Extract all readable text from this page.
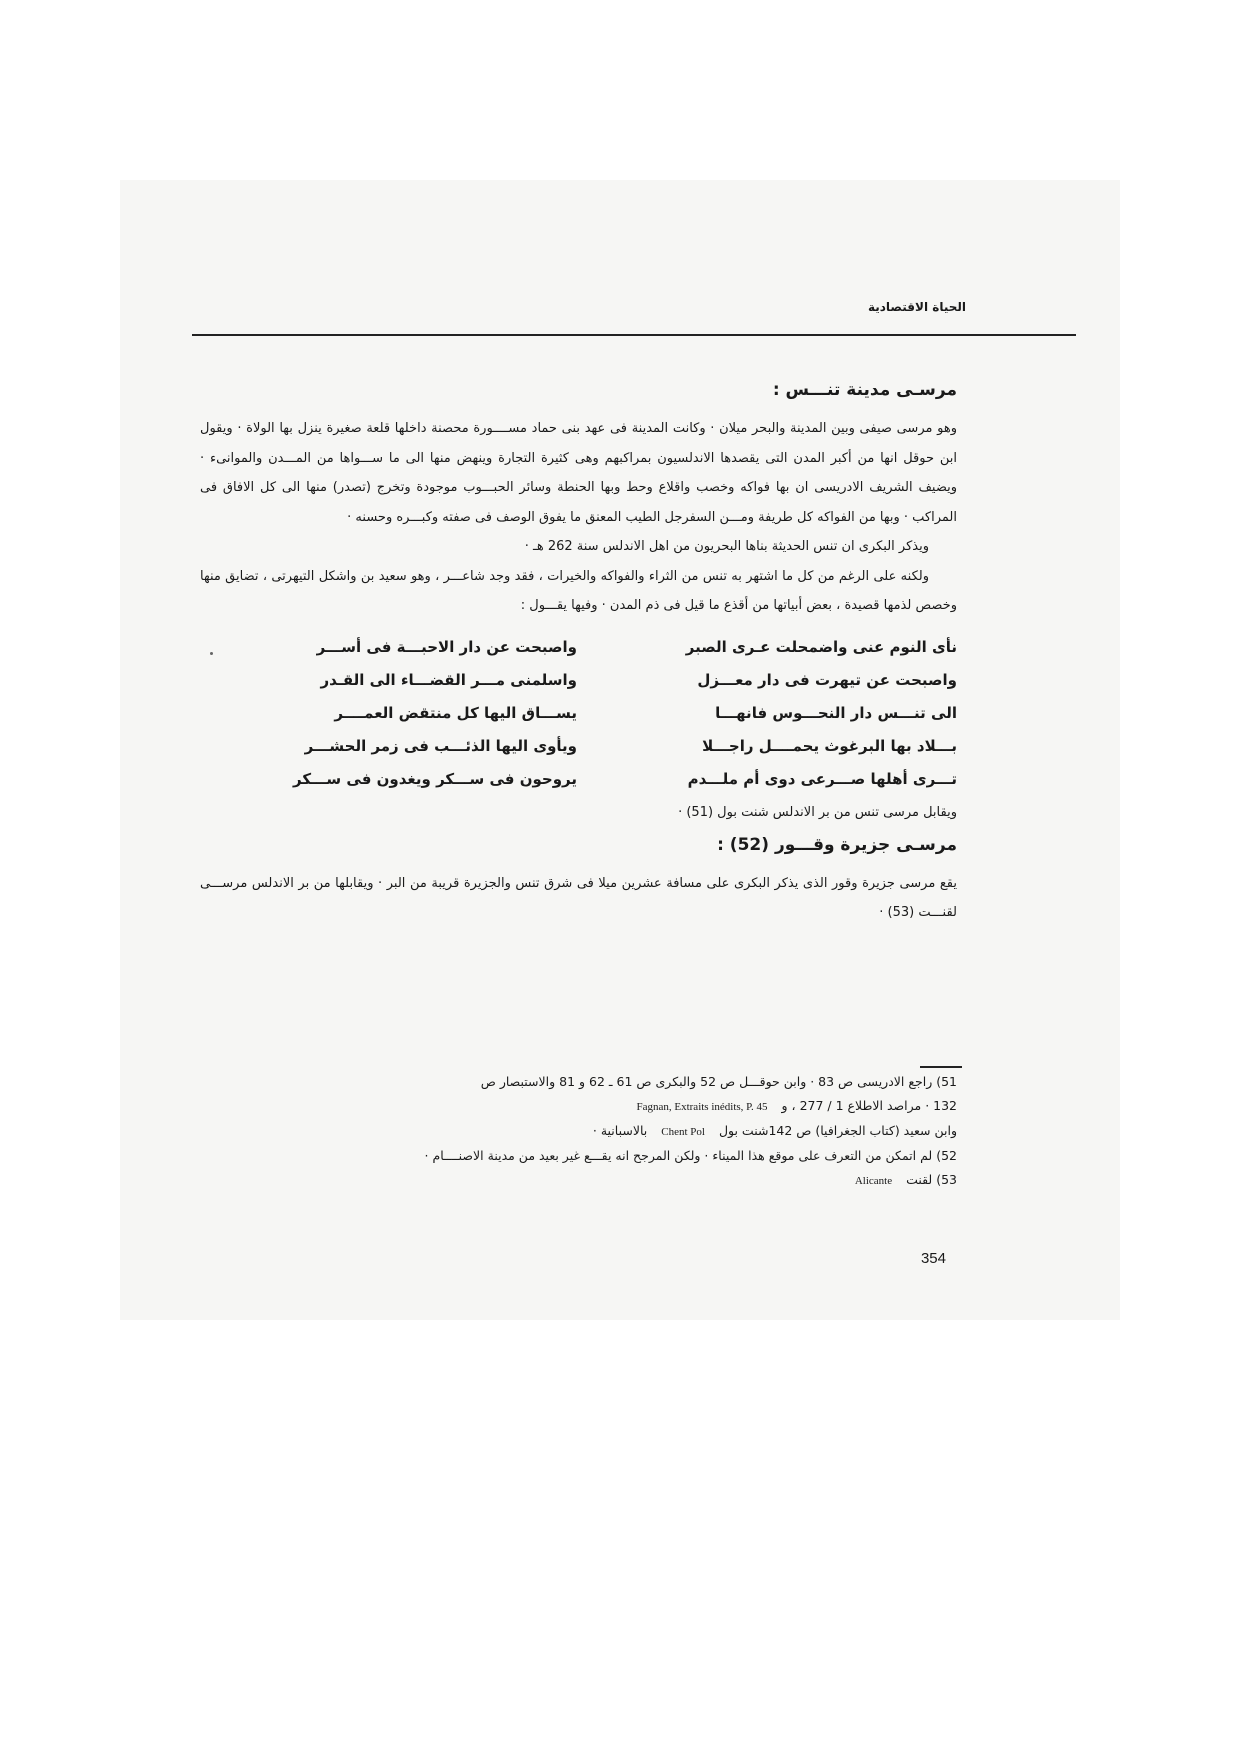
الحياة الاقتصادية
مرسـى مدينة تنـــس :

وهو مرسى صيفى وبين المدينة والبحر ميلان · وكانت المدينة فى عهد بنى حماد مســــورة محصنة داخلها قلعة صغيرة ينزل بها الولاة · ويقول ابن حوقل انها من أكبر المدن التى يقصدها الاندلسيون بمراكبهم وهى كثيرة التجارة وينهض منها الى ما ســـواها من المـــدن والموانىء · ويضيف الشريف الادريسى ان بها فواكه وخصب واقلاع وحط وبها الحنطة وسائر الحبـــوب موجودة وتخرج (تصدر) منها الى كل الافاق فى المراكب · وبها من الفواكه كل طريفة ومـــن السفرجل الطيب المعنق ما يفوق الوصف فى صفته وكبـــره وحسنه ·

ويذكر البكرى ان تنس الحديثة بناها البحريون من اهل الاندلس سنة 262 هـ ·

ولكنه على الرغم من كل ما اشتهر به تنس من الثراء والفواكه والخيرات ، فقد وجد شاعـــر ، وهو سعيد بن واشكل التيهرتى ، تضايق منها وخصص لذمها قصيدة ، بعض أبياتها من أقذع ما قيل فى ذم المدن · وفيها يقـــول :

نأى النوم عنى واضمحلت عـرى الصبر
واصبحت عن دار الاحبـــة فى أســـر
واصبحت عن تيهرت فى دار معـــزل
واسلمنى مـــر القضـــاء الى القـدر
الى تنـــس دار النحـــوس فانهـــا
يســـاق اليها كل منتقض العمــــر
بـــلاد بها البرغوث يحمــــل راجـــلا
ويأوى اليها الذئـــب فى زمر الحشـــر
تـــرى أهلها صـــرعى دوى أم ملـــدم
يروحون فى ســـكر ويغدون فى ســـكر
ويقابل مرسى تنس من بر الاندلس شنت بول (51) ·
مرسـى جزيرة وقـــور (52) :

يقع مرسى جزيرة وقور الذى يذكر البكرى على مسافة عشرين ميلا فى شرق تنس والجزيرة قريبة من البر · ويقابلها من بر الاندلس مرســـى لقنـــت (53) ·

51) راجع الادريسى ص 83 · وابن حوقـــل ص 52 والبكرى ص 61 ـ 62 و 81 والاستبصار ص

132 · مراصد الاطلاع 1 / 277 ، و Fagnan, Extraits inédits, P. 45

وابن سعيد (كتاب الجغرافيا) ص 142شنت بول Chent Pol بالاسبانية ·

52) لم اتمكن من التعرف على موقع هذا الميناء · ولكن المرجح انه يقـــع غير بعيد من مدينة الاصنــــام ·

53) لقنت Alicante

354
